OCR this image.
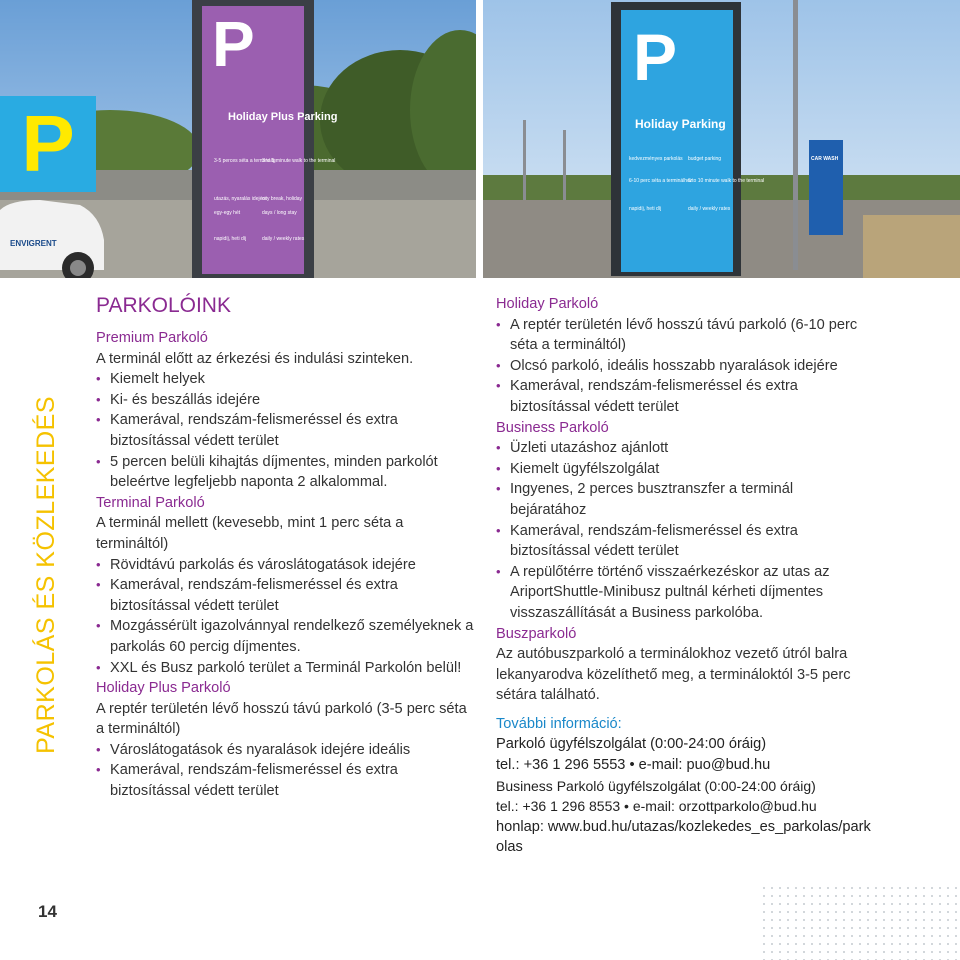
P
Holiday Plus Parking
3-5 perces séta a terminálig
3 to 5 minute walk to the terminal
utazás, nyaralás idejére
city break, holiday
egy-egy hét	days / long stay
napidíj, heti díj	daily / weekly rates
ENVIGRENT
P
P
Holiday Parking
kedvezményes parkolás budget parking
6-10 perc séta a terminálhoz
6 to 10 minute walk to the terminal
napidíj, heti díj	daily / weekly rates
CAR WASH
PARKOLÁS ÉS KÖZLEKEDÉS
14
PARKOLÓINK
Premium Parkoló

A terminál előtt az érkezési és indulási szinteken.

• Kiemelt helyek
• Ki- és beszállás idejére
• Kamerával, rendszám-felismeréssel és extra biztosítással védett terület
• 5 percen belüli kihajtás díjmentes, minden parkolót beleértve legfeljebb naponta 2 alkalommal.
Terminal Parkoló

A terminál mellett (kevesebb, mint 1 perc séta a termináltól)

• Rövidtávú parkolás és városlátogatások idejére
• Kamerával, rendszám-felismeréssel és extra biztosítással védett terület
• Mozgássérült igazolvánnyal rendelkező személyeknek a parkolás 60 percig díjmentes.
• XXL és Busz parkoló terület a Terminál Parkolón belül!
Holiday Plus Parkoló

A reptér területén lévő hosszú távú parkoló (3-5 perc séta a termináltól)

• Városlátogatások és nyaralások idejére ideális
• Kamerával, rendszám-felismeréssel és extra biztosítással védett terület
Holiday Parkoló
• A reptér területén lévő hosszú távú parkoló (6-10 perc séta a termináltól)
• Olcsó parkoló, ideális hosszabb nyaralások idejére
• Kamerával, rendszám-felismeréssel és extra biztosítással védett terület
Business Parkoló
• Üzleti utazáshoz ajánlott
• Kiemelt ügyfélszolgálat
• Ingyenes, 2 perces busztranszfer a terminál bejáratához
• Kamerával, rendszám-felismeréssel és extra biztosítással védett terület
• A repülőtérre történő visszaérkezéskor az utas az AriportShuttle-Minibusz pultnál kérheti díjmentes visszaszállítását a Business parkolóba.
Buszparkoló

Az autóbuszparkoló a terminálokhoz vezető útról balra lekanyarodva közelíthető meg, a termináloktól 3-5 perc sétára található.

További információ:

Parkoló ügyfélszolgálat (0:00-24:00 óráig)

tel.: +36 1 296 5553 • e-mail: puo@bud.hu

Business Parkoló ügyfélszolgálat (0:00-24:00 óráig)

tel.: +36 1 296 8553 • e-mail: orzottparkolo@bud.hu

honlap: www.bud.hu/utazas/kozlekedes_es_parkolas/parkolas
